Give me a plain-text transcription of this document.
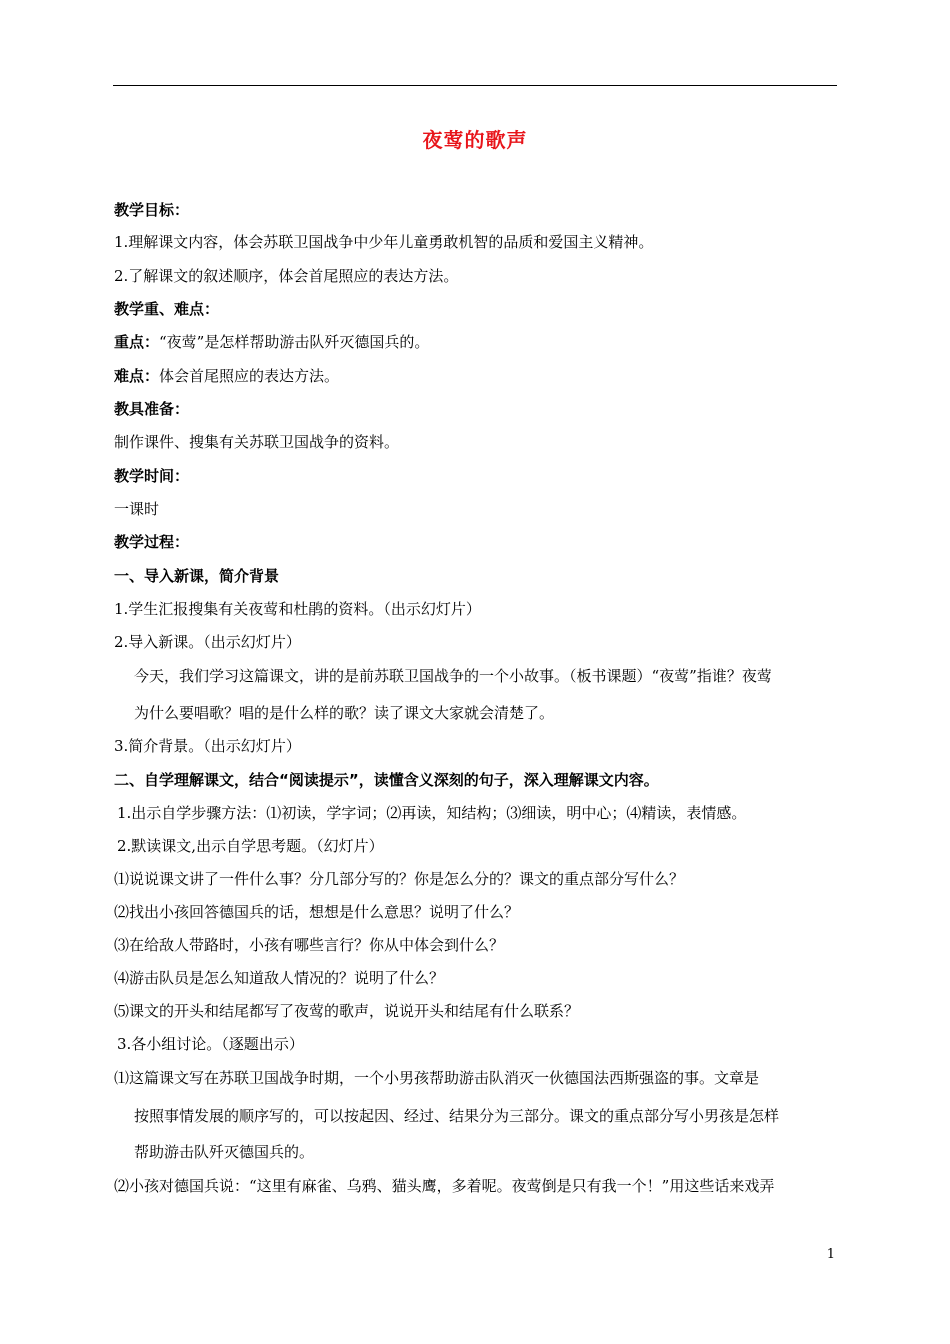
夜莺的歌声
教学目标：
1.理解课文内容，体会苏联卫国战争中少年儿童勇敢机智的品质和爱国主义精神。
2.了解课文的叙述顺序，体会首尾照应的表达方法。
教学重、难点：
重点：“夜莺”是怎样帮助游击队歼灭德国兵的。
难点：体会首尾照应的表达方法。
教具准备：
制作课件、搜集有关苏联卫国战争的资料。
教学时间：
一课时
教学过程：
一、导入新课，简介背景
1.学生汇报搜集有关夜莺和杜鹃的资料。（出示幻灯片）
2.导入新课。（出示幻灯片）
今天，我们学习这篇课文，讲的是前苏联卫国战争的一个小故事。（板书课题）“夜莺”指谁？夜莺
为什么要唱歌？唱的是什么样的歌？读了课文大家就会清楚了。
3.简介背景。（出示幻灯片）
二、自学理解课文，结合“阅读提示”，读懂含义深刻的句子，深入理解课文内容。
1.出示自学步骤方法：⑴初读，学字词；⑵再读，知结构；⑶细读，明中心；⑷精读，表情感。
2.默读课文,出示自学思考题。（幻灯片）
⑴说说课文讲了一件什么事？分几部分写的？你是怎么分的？课文的重点部分写什么？
⑵找出小孩回答德国兵的话，想想是什么意思？说明了什么？
⑶在给敌人带路时，小孩有哪些言行？你从中体会到什么？
⑷游击队员是怎么知道敌人情况的？说明了什么？
⑸课文的开头和结尾都写了夜莺的歌声，说说开头和结尾有什么联系？
3.各小组讨论。（逐题出示）
⑴这篇课文写在苏联卫国战争时期，一个小男孩帮助游击队消灭一伙德国法西斯强盗的事。文章是
按照事情发展的顺序写的，可以按起因、经过、结果分为三部分。课文的重点部分写小男孩是怎样
帮助游击队歼灭德国兵的。
⑵小孩对德国兵说：“这里有麻雀、乌鸦、猫头鹰，多着呢。夜莺倒是只有我一个！”用这些话来戏弄
1
